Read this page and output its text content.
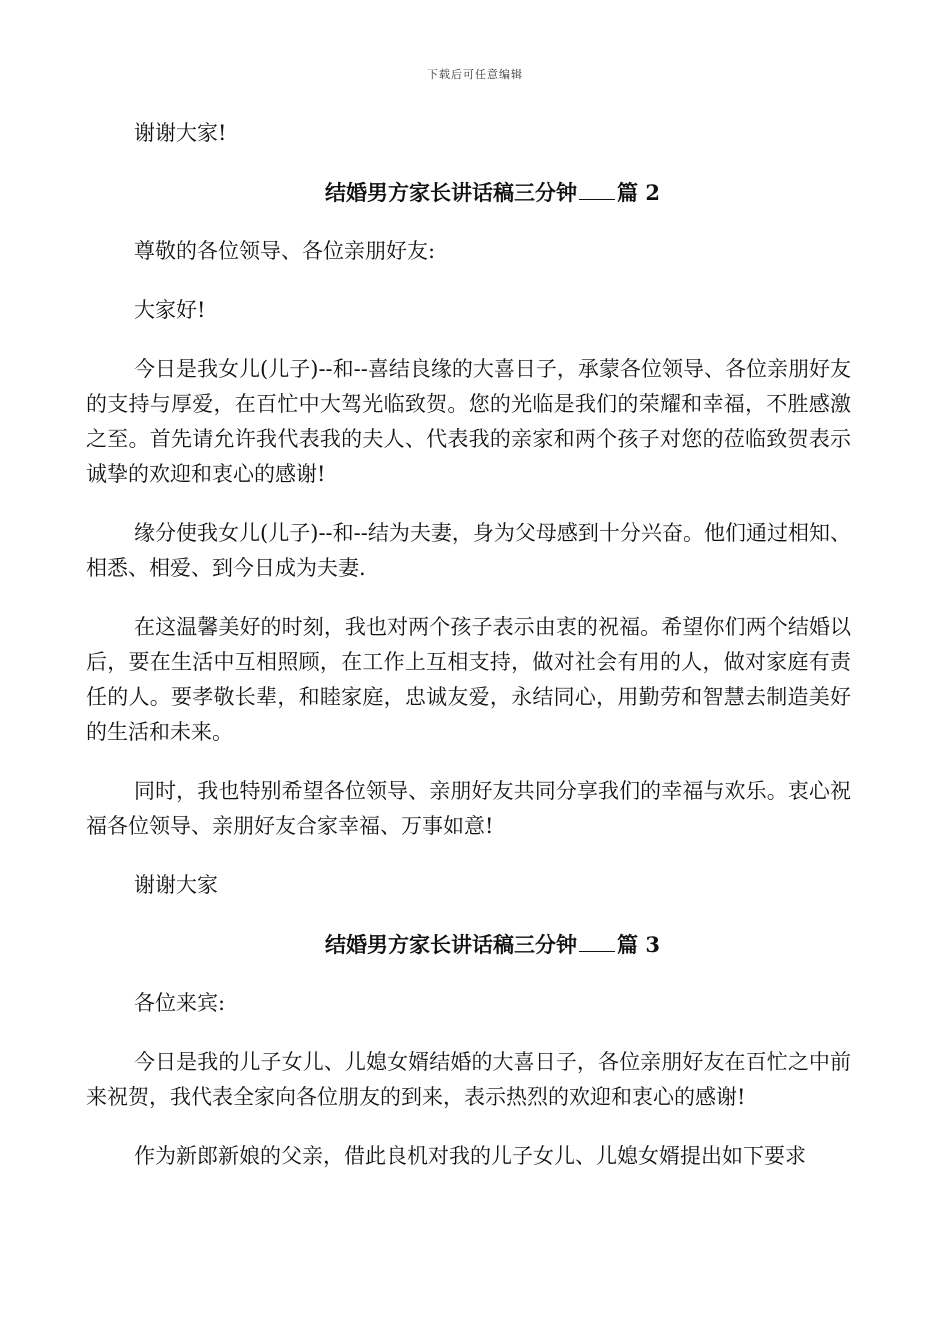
下载后可任意编辑

谢谢大家!

结婚男方家长讲话稿三分钟 篇 2

尊敬的各位领导、各位亲朋好友:

大家好!

今日是我女儿(儿子)--和--喜结良缘的大喜日子，承蒙各位领导、各位亲朋好友的支持与厚爱，在百忙中大驾光临致贺。您的光临是我们的荣耀和幸福，不胜感激之至。首先请允许我代表我的夫人、代表我的亲家和两个孩子对您的莅临致贺表示诚挚的欢迎和衷心的感谢!

缘分使我女儿(儿子)--和--结为夫妻，身为父母感到十分兴奋。他们通过相知、相悉、相爱、到今日成为夫妻.

在这温馨美好的时刻，我也对两个孩子表示由衷的祝福。希望你们两个结婚以后，要在生活中互相照顾，在工作上互相支持，做对社会有用的人，做对家庭有责任的人。要孝敬长辈，和睦家庭，忠诚友爱，永结同心，用勤劳和智慧去制造美好的生活和未来。

同时，我也特别希望各位领导、亲朋好友共同分享我们的幸福与欢乐。衷心祝福各位领导、亲朋好友合家幸福、万事如意!

谢谢大家

结婚男方家长讲话稿三分钟 篇 3

各位来宾:

今日是我的儿子女儿、儿媳女婿结婚的大喜日子，各位亲朋好友在百忙之中前来祝贺，我代表全家向各位朋友的到来，表示热烈的欢迎和衷心的感谢!

作为新郎新娘的父亲，借此良机对我的儿子女儿、儿媳女婿提出如下要求
